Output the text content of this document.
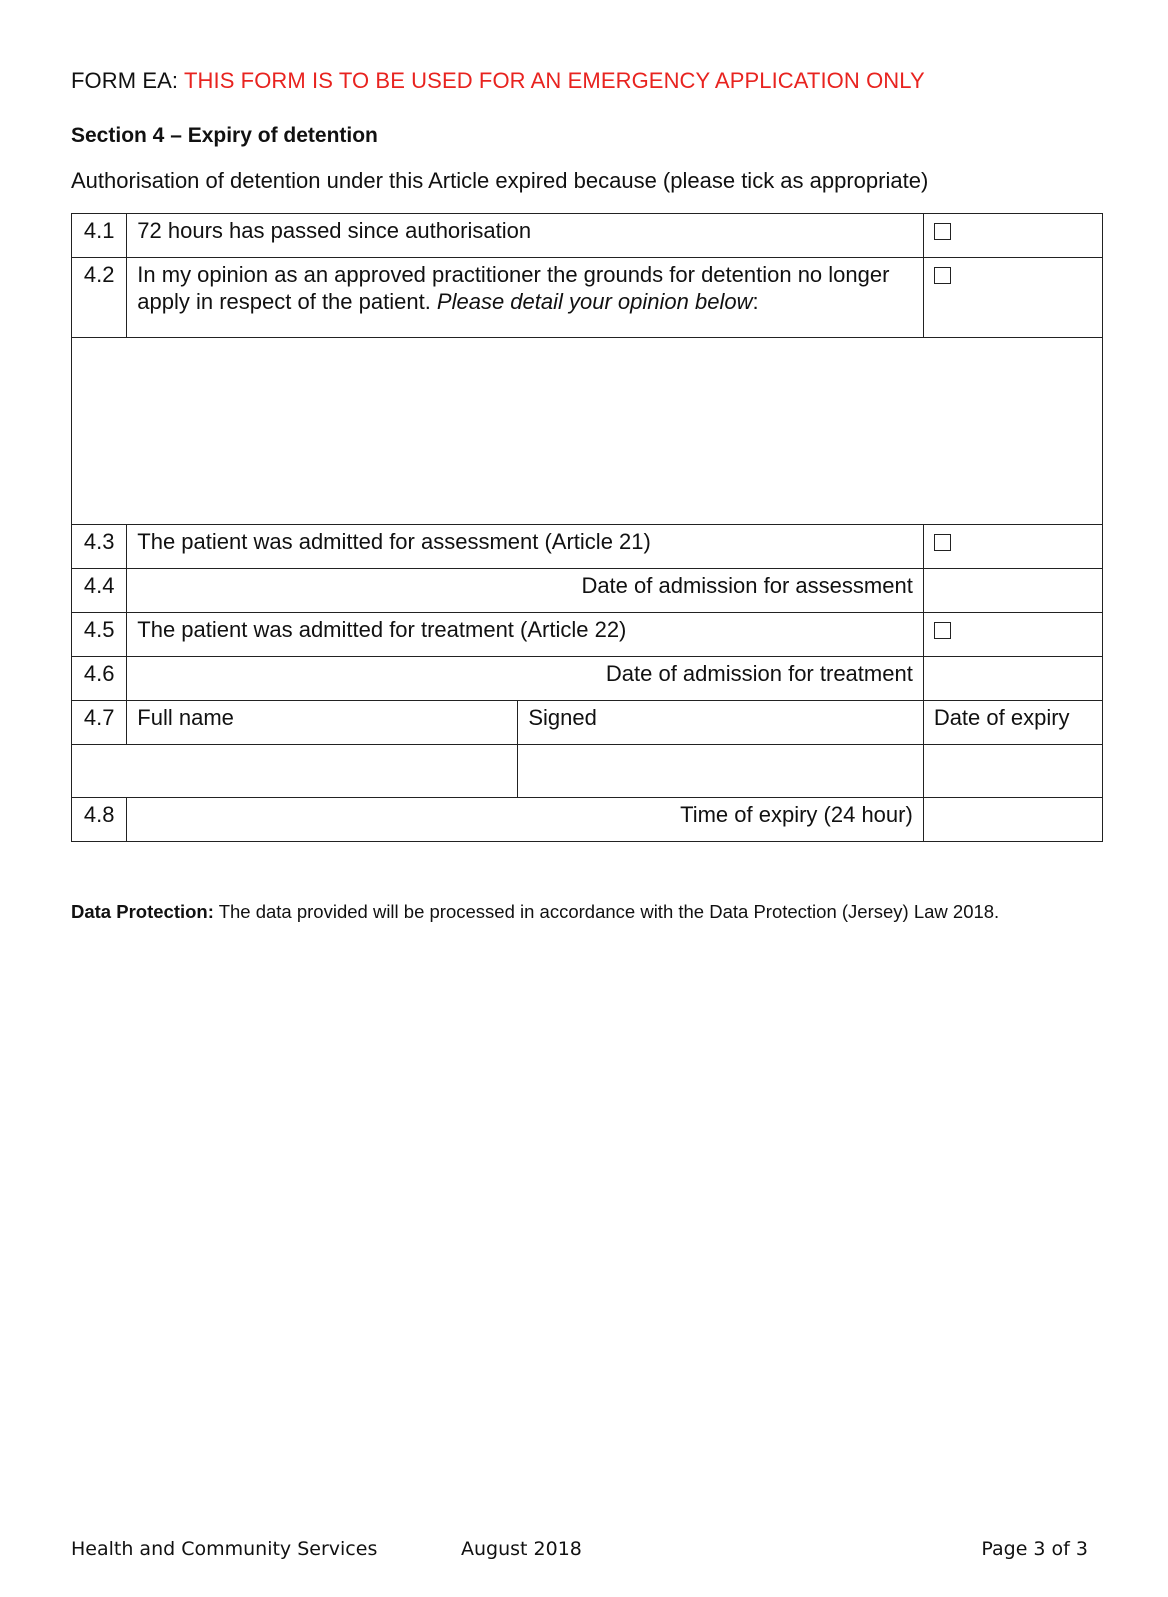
FORM EA: THIS FORM IS TO BE USED FOR AN EMERGENCY APPLICATION ONLY
Section 4 – Expiry of detention
Authorisation of detention under this Article expired because (please tick as appropriate)
4.1	72 hours has passed since authorisation		
4.2	In my opinion as an approved practitioner the grounds for detention no longer apply in respect of the patient. Please detail your opinion below:		

4.3	The patient was admitted for assessment (Article 21)		
4.4	Date of admission for assessment		
4.5	The patient was admitted for treatment (Article 22)		
4.6	Date of admission for treatment		
4.7	Full name	Signed	Date of expiry

4.8	Time of expiry (24 hour)		
Data Protection: The data provided will be processed in accordance with the Data Protection (Jersey) Law 2018.
Health and Community Services	August 2018	Page 3 of 3
